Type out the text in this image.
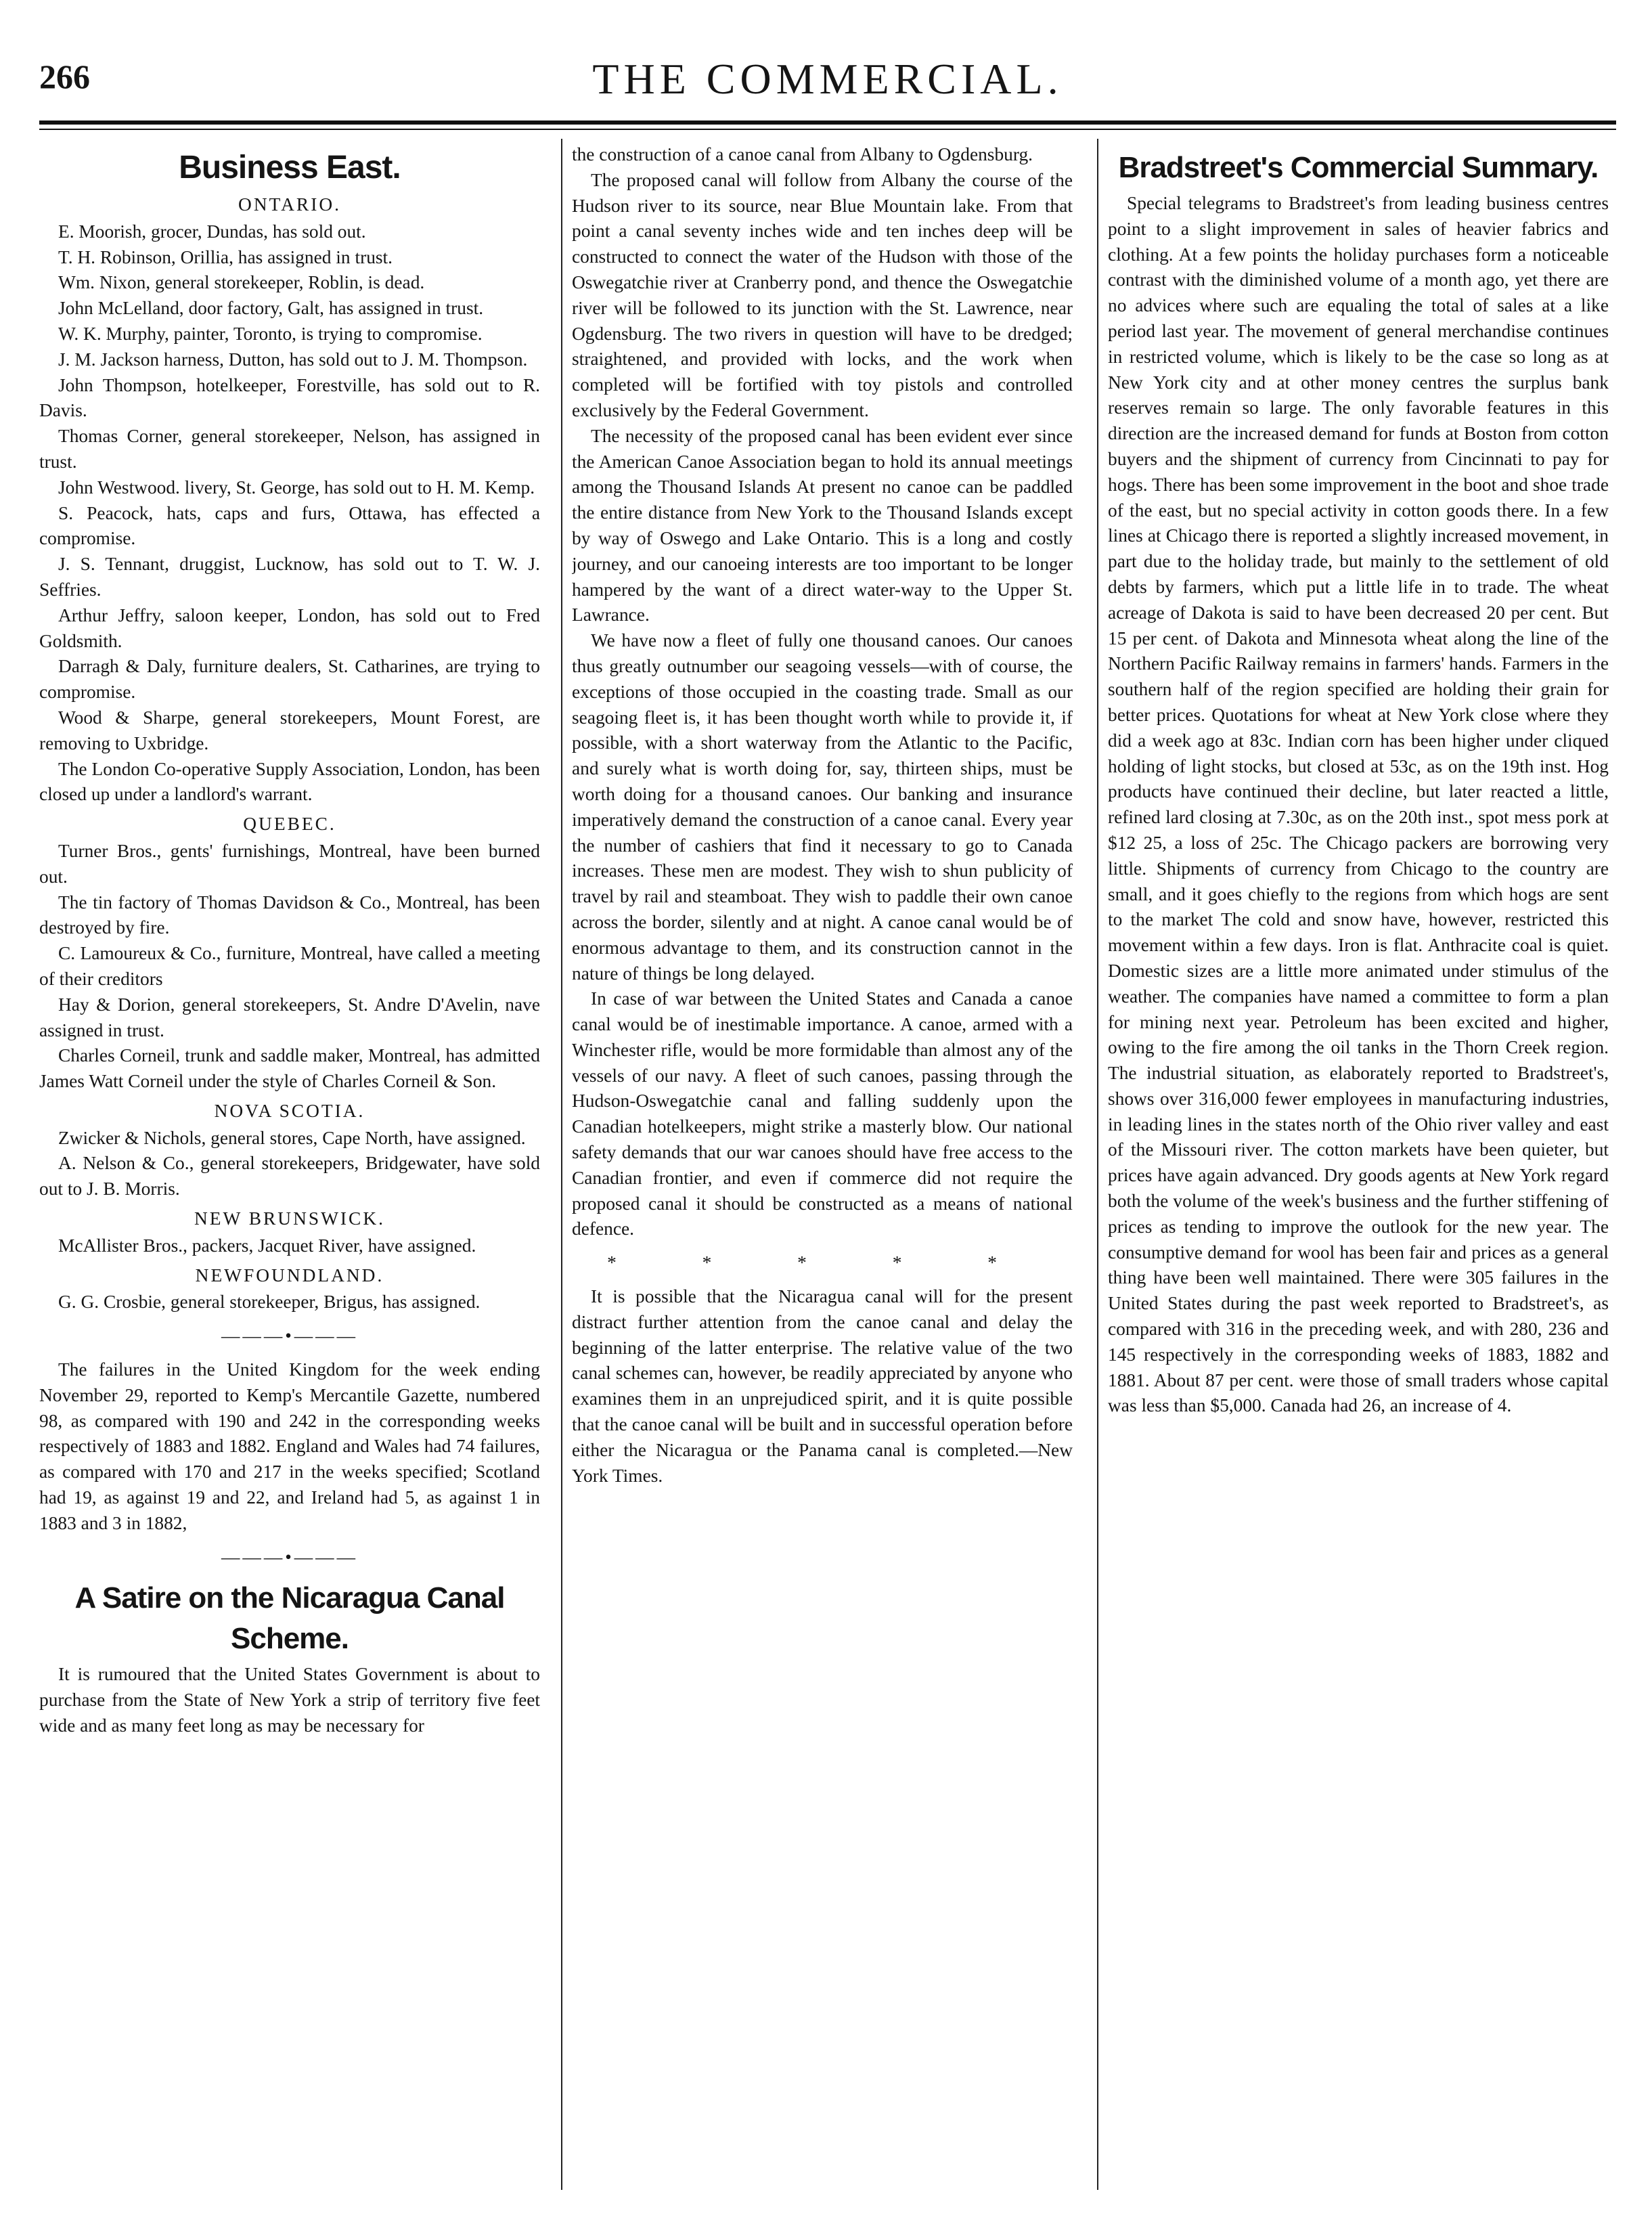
266	THE COMMERCIAL.
Business East.
ONTARIO.

E. Moorish, grocer, Dundas, has sold out.

T. H. Robinson, Orillia, has assigned in trust.

Wm. Nixon, general storekeeper, Roblin, is dead.

John McLelland, door factory, Galt, has assigned in trust.

W. K. Murphy, painter, Toronto, is trying to compromise.

J. M. Jackson harness, Dutton, has sold out to J. M. Thompson.

John Thompson, hotelkeeper, Forestville, has sold out to R. Davis.

Thomas Corner, general storekeeper, Nelson, has assigned in trust.

John Westwood. livery, St. George, has sold out to H. M. Kemp.

S. Peacock, hats, caps and furs, Ottawa, has effected a compromise.

J. S. Tennant, druggist, Lucknow, has sold out to T. W. J. Seffries.

Arthur Jeffry, saloon keeper, London, has sold out to Fred Goldsmith.

Darragh & Daly, furniture dealers, St. Catharines, are trying to compromise.

Wood & Sharpe, general storekeepers, Mount Forest, are removing to Uxbridge.

The London Co-operative Supply Association, London, has been closed up under a landlord's warrant.

QUEBEC.

Turner Bros., gents' furnishings, Montreal, have been burned out.

The tin factory of Thomas Davidson & Co., Montreal, has been destroyed by fire.

C. Lamoureux & Co., furniture, Montreal, have called a meeting of their creditors

Hay & Dorion, general storekeepers, St. Andre D'Avelin, nave assigned in trust.

Charles Corneil, trunk and saddle maker, Montreal, has admitted James Watt Corneil under the style of Charles Corneil & Son.

NOVA SCOTIA.

Zwicker & Nichols, general stores, Cape North, have assigned.

A. Nelson & Co., general storekeepers, Bridgewater, have sold out to J. B. Morris.

NEW BRUNSWICK.

McAllister Bros., packers, Jacquet River, have assigned.

NEWFOUNDLAND.

G. G. Crosbie, general storekeeper, Brigus, has assigned.

———•———

The failures in the United Kingdom for the week ending November 29, reported to Kemp's Mercantile Gazette, numbered 98, as compared with 190 and 242 in the corresponding weeks respectively of 1883 and 1882. England and Wales had 74 failures, as compared with 170 and 217 in the weeks specified; Scotland had 19, as against 19 and 22, and Ireland had 5, as against 1 in 1883 and 3 in 1882,

———•———
A Satire on the Nicaragua Canal Scheme.

It is rumoured that the United States Government is about to purchase from the State of New York a strip of territory five feet wide and as many feet long as may be necessary for

the construction of a canoe canal from Albany to Ogdensburg.

The proposed canal will follow from Albany the course of the Hudson river to its source, near Blue Mountain lake. From that point a canal seventy inches wide and ten inches deep will be constructed to connect the water of the Hudson with those of the Oswegatchie river at Cranberry pond, and thence the Oswegatchie river will be followed to its junction with the St. Lawrence, near Ogdensburg. The two rivers in question will have to be dredged; straightened, and provided with locks, and the work when completed will be fortified with toy pistols and controlled exclusively by the Federal Government.

The necessity of the proposed canal has been evident ever since the American Canoe Association began to hold its annual meetings among the Thousand Islands At present no canoe can be paddled the entire distance from New York to the Thousand Islands except by way of Oswego and Lake Ontario. This is a long and costly journey, and our canoeing interests are too important to be longer hampered by the want of a direct water-way to the Upper St. Lawrance.

We have now a fleet of fully one thousand canoes. Our canoes thus greatly outnumber our seagoing vessels—with of course, the exceptions of those occupied in the coasting trade. Small as our seagoing fleet is, it has been thought worth while to provide it, if possible, with a short waterway from the Atlantic to the Pacific, and surely what is worth doing for, say, thirteen ships, must be worth doing for a thousand canoes. Our banking and insurance imperatively demand the construction of a canoe canal. Every year the number of cashiers that find it necessary to go to Canada increases. These men are modest. They wish to shun publicity of travel by rail and steamboat. They wish to paddle their own canoe across the border, silently and at night. A canoe canal would be of enormous advantage to them, and its construction cannot in the nature of things be long delayed.

In case of war between the United States and Canada a canoe canal would be of inestimable importance. A canoe, armed with a Winchester rifle, would be more formidable than almost any of the vessels of our navy. A fleet of such canoes, passing through the Hudson-Oswegatchie canal and falling suddenly upon the Canadian hotelkeepers, might strike a masterly blow. Our national safety demands that our war canoes should have free access to the Canadian frontier, and even if commerce did not require the proposed canal it should be constructed as a means of national defence.

* * * * *

It is possible that the Nicaragua canal will for the present distract further attention from the canoe canal and delay the beginning of the latter enterprise. The relative value of the two canal schemes can, however, be readily appreciated by anyone who examines them in an unprejudiced spirit, and it is quite possible that the canoe canal will be built and in successful operation before either the Nicaragua or the Panama canal is completed.—New York Times.

Bradstreet's Commercial Summary.

Special telegrams to Bradstreet's from leading business centres point to a slight improvement in sales of heavier fabrics and clothing. At a few points the holiday purchases form a noticeable contrast with the diminished volume of a month ago, yet there are no advices where such are equaling the total of sales at a like period last year. The movement of general merchandise continues in restricted volume, which is likely to be the case so long as at New York city and at other money centres the surplus bank reserves remain so large. The only favorable features in this direction are the increased demand for funds at Boston from cotton buyers and the shipment of currency from Cincinnati to pay for hogs. There has been some improvement in the boot and shoe trade of the east, but no special activity in cotton goods there. In a few lines at Chicago there is reported a slightly increased movement, in part due to the holiday trade, but mainly to the settlement of old debts by farmers, which put a little life in to trade. The wheat acreage of Dakota is said to have been decreased 20 per cent. But 15 per cent. of Dakota and Minnesota wheat along the line of the Northern Pacific Railway remains in farmers' hands. Farmers in the southern half of the region specified are holding their grain for better prices. Quotations for wheat at New York close where they did a week ago at 83c. Indian corn has been higher under cliqued holding of light stocks, but closed at 53c, as on the 19th inst. Hog products have continued their decline, but later reacted a little, refined lard closing at 7.30c, as on the 20th inst., spot mess pork at $12 25, a loss of 25c. The Chicago packers are borrowing very little. Shipments of currency from Chicago to the country are small, and it goes chiefly to the regions from which hogs are sent to the market The cold and snow have, however, restricted this movement within a few days. Iron is flat. Anthracite coal is quiet. Domestic sizes are a little more animated under stimulus of the weather. The companies have named a committee to form a plan for mining next year. Petroleum has been excited and higher, owing to the fire among the oil tanks in the Thorn Creek region. The industrial situation, as elaborately reported to Bradstreet's, shows over 316,000 fewer employees in manufacturing industries, in leading lines in the states north of the Ohio river valley and east of the Missouri river. The cotton markets have been quieter, but prices have again advanced. Dry goods agents at New York regard both the volume of the week's business and the further stiffening of prices as tending to improve the outlook for the new year. The consumptive demand for wool has been fair and prices as a general thing have been well maintained. There were 305 failures in the United States during the past week reported to Bradstreet's, as compared with 316 in the preceding week, and with 280, 236 and 145 respectively in the corresponding weeks of 1883, 1882 and 1881. About 87 per cent. were those of small traders whose capital was less than $5,000. Canada had 26, an increase of 4.
